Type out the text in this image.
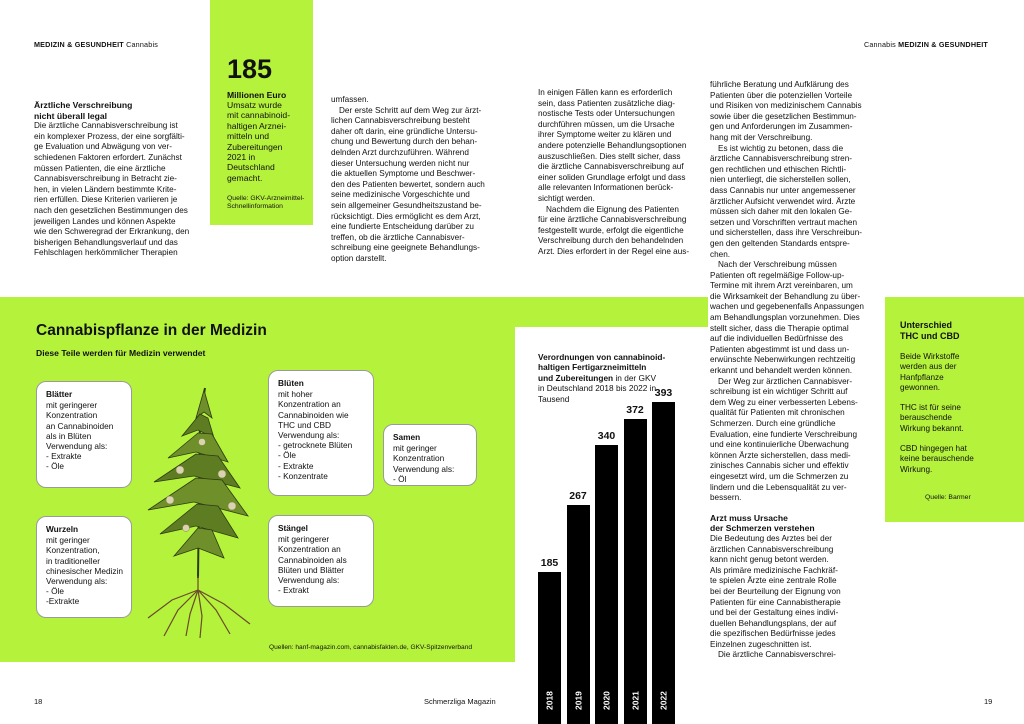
MEDIZIN & GESUNDHEIT Cannabis	Cannabis MEDIZIN & GESUNDHEIT
185
Millionen Euro
Umsatz wurde
mit cannabinoid-
haltigen Arznei-
mitteln und
Zubereitungen
2021 in
Deutschland
gemacht.
Quelle: GKV-Arzneimittel-
Schnellinformation
Ärztliche Verschreibung
nicht überall legal
Die ärztliche Cannabisverschreibung ist
ein komplexer Prozess, der eine sorgfälti-
ge Evaluation und Abwägung von ver-
schiedenen Faktoren erfordert. Zunächst
müssen Patienten, die eine ärztliche
Cannabisverschreibung in Betracht zie-
hen, in vielen Ländern bestimmte Krite-
rien erfüllen. Diese Kriterien variieren je
nach den gesetzlichen Bestimmungen des
jeweiligen Landes und können Aspekte
wie den Schweregrad der Erkrankung, den
bisherigen Behandlungsverlauf und das
Fehlschlagen herkömmlicher Therapien
umfassen.
Der erste Schritt auf dem Weg zur ärzt-
lichen Cannabisverschreibung besteht
daher oft darin, eine gründliche Untersu-
chung und Bewertung durch den behan-
delnden Arzt durchzuführen. Während
dieser Untersuchung werden nicht nur
die aktuellen Symptome und Beschwer-
den des Patienten bewertet, sondern auch
seine medizinische Vorgeschichte und
sein allgemeiner Gesundheitszustand be-
rücksichtigt. Dies ermöglicht es dem Arzt,
eine fundierte Entscheidung darüber zu
treffen, ob die ärztliche Cannabisver-
schreibung eine geeignete Behandlungs-
option darstellt.
In einigen Fällen kann es erforderlich
sein, dass Patienten zusätzliche diag-
nostische Tests oder Untersuchungen
durchführen müssen, um die Ursache
ihrer Symptome weiter zu klären und
andere potenzielle Behandlungsoptionen
auszuschließen. Dies stellt sicher, dass
die ärztliche Cannabisverschreibung auf
einer soliden Grundlage erfolgt und dass
alle relevanten Informationen berück-
sichtigt werden.
Nachdem die Eignung des Patienten
für eine ärztliche Cannabisverschreibung
festgestellt wurde, erfolgt die eigentliche
Verschreibung durch den behandelnden
Arzt. Dies erfordert in der Regel eine aus-
führliche Beratung und Aufklärung des
Patienten über die potenziellen Vorteile
und Risiken von medizinischem Cannabis
sowie über die gesetzlichen Bestimmun-
gen und Anforderungen im Zusammen-
hang mit der Verschreibung.
Es ist wichtig zu betonen, dass die
ärztliche Cannabisverschreibung stren-
gen rechtlichen und ethischen Richtli-
nien unterliegt, die sicherstellen sollen,
dass Cannabis nur unter angemessener
ärztlicher Aufsicht verwendet wird. Ärzte
müssen sich daher mit den lokalen Ge-
setzen und Vorschriften vertraut machen
und sicherstellen, dass ihre Verschreibun-
gen den geltenden Standards entspre-
chen.
Nach der Verschreibung müssen
Patienten oft regelmäßige Follow-up-
Termine mit ihrem Arzt vereinbaren, um
die Wirksamkeit der Behandlung zu über-
wachen und gegebenenfalls Anpassungen
am Behandlungsplan vorzunehmen. Dies
stellt sicher, dass die Therapie optimal
auf die individuellen Bedürfnisse des
Patienten abgestimmt ist und dass un-
erwünschte Nebenwirkungen rechtzeitig
erkannt und behandelt werden können.
Der Weg zur ärztlichen Cannabisver-
schreibung ist ein wichtiger Schritt auf
dem Weg zu einer verbesserten Lebens-
qualität für Patienten mit chronischen
Schmerzen. Durch eine gründliche
Evaluation, eine fundierte Verschreibung
und eine kontinuierliche Überwachung
können Ärzte sicherstellen, dass medi-
zinisches Cannabis sicher und effektiv
eingesetzt wird, um die Schmerzen zu
lindern und die Lebensqualität zu ver-
bessern.
Arzt muss Ursache
der Schmerzen verstehen
Die Bedeutung des Arztes bei der
ärztlichen Cannabisverschreibung
kann nicht genug betont werden.
Als primäre medizinische Fachkräf-
te spielen Ärzte eine zentrale Rolle
bei der Beurteilung der Eignung von
Patienten für eine Cannabistherapie
und bei der Gestaltung eines indivi-
duellen Behandlungsplans, der auf
die spezifischen Bedürfnisse jedes
Einzelnen zugeschnitten ist.
Die ärztliche Cannabisverschrei-
Cannabispflanze in der Medizin
Diese Teile werden für Medizin verwendet
Blätter
mit geringerer
Konzentration
an Cannabinoiden
als in Blüten
Verwendung als:
- Extrakte
- Öle
Blüten
mit hoher
Konzentration an
Cannabinoiden wie
THC und CBD
Verwendung als:
- getrocknete Blüten
- Öle
- Extrakte
- Konzentrate
Samen
mit geringer
Konzentration
Verwendung als:
- Öl
Wurzeln
mit geringer
Konzentration,
in traditioneller
chinesischer Medizin
Verwendung als:
- Öle
-Extrakte
Stängel
mit geringerer
Konzentration an
Cannabinoiden als
Blüten und Blätter
Verwendung als:
- Extrakt
Quellen: hanf-magazin.com, cannabisfakten.de, GKV-Spitzenverband
Verordnungen von cannabinoid-
haltigen Fertigarzneimitteln
und Zubereitungen in der GKV
in Deutschland 2018 bis 2022 in
Tausend
2018
185
2019
267
2020
340
2021
372
2022
393
Unterschied
THC und CBD
Beide Wirkstoffe
werden aus der
Hanfpflanze
gewonnen.
THC ist für seine
berauschende
Wirkung bekannt.
CBD hingegen hat
keine berauschende
Wirkung.
Quelle: Barmer
18	Schmerzliga Magazin	19
